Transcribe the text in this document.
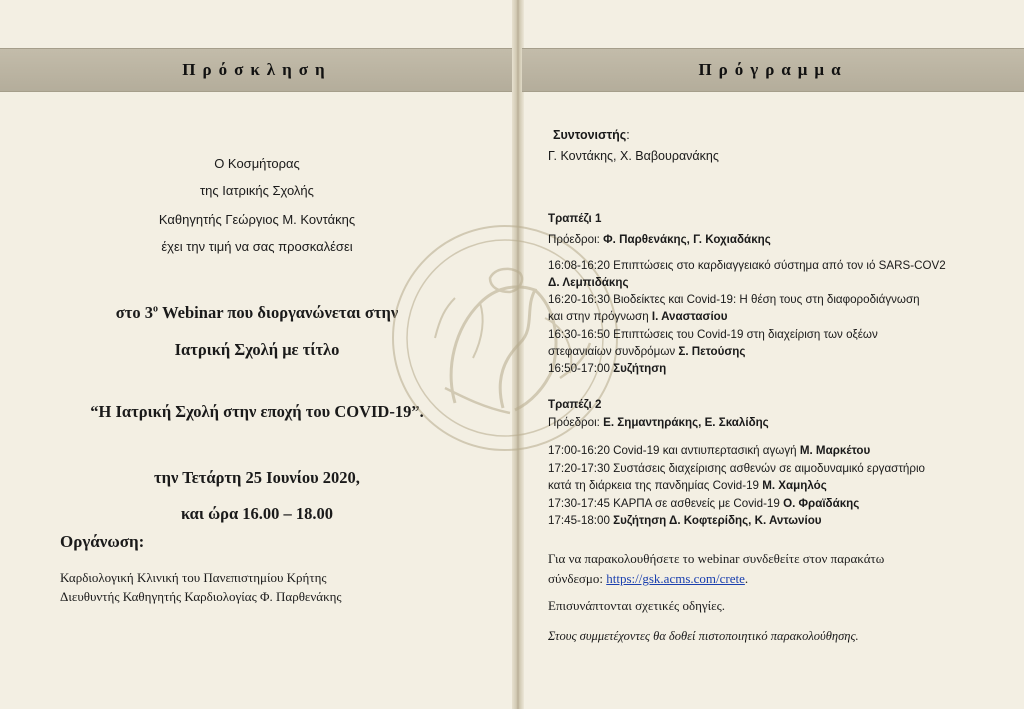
Πρόσκληση
Ο Κοσμήτορας
της Ιατρικής Σχολής
Καθηγητής Γεώργιος Μ. Κοντάκης
έχει την τιμή να σας προσκαλέσει
στο $3^o$ Webinar που διοργανώνεται στην
Ιατρική Σχολή με τίτλο
“Η Ιατρική Σχολή στην εποχή του COVID-19”.
την Τετάρτη 25 Ιουνίου 2020,
και ώρα 16.00 – 18.00
Οργάνωση:
Καρδιολογική Κλινική του Πανεπιστημίου Κρήτης
Διευθυντής Καθηγητής Καρδιολογίας Φ. Παρθενάκης
Πρόγραμμα
Συντονιστής:
Γ. Κοντάκης, Χ. Βαβουρανάκης
Τραπέζι 1
Πρόεδροι: Φ. Παρθενάκης, Γ. Κοχιαδάκης
16:08-16:20 Επιπτώσεις στο καρδιαγγειακό σύστημα από τον ιό SARS-COV2
Δ. Λεμπιδάκης
16:20-16:30 Βιοδείκτες και Covid-19: Η θέση τους στη διαφοροδιάγνωση
και στην πρόγνωση Ι. Αναστασίου
16:30-16:50 Επιπτώσεις του Covid-19 στη διαχείριση των οξέων
στεφανιαίων συνδρόμων Σ. Πετούσης
16:50-17:00 Συζήτηση
Τραπέζι 2
Πρόεδροι: Ε. Σημαντηράκης, Ε. Σκαλίδης
17:00-16:20 Covid-19 και αντιυπερτασική αγωγή Μ. Μαρκέτου
17:20-17:30 Συστάσεις διαχείρισης ασθενών σε αιμοδυναμικό εργαστήριο
κατά τη διάρκεια της πανδημίας Covid-19 Μ. Χαμηλός
17:30-17:45 ΚΑΡΠΑ σε ασθενείς με Covid-19 Ο. Φραϊδάκης
17:45-18:00 Συζήτηση Δ. Κοφτερίδης, Κ. Αντωνίου
Για να παρακολουθήσετε το webinar συνδεθείτε στον παρακάτω
σύνδεσμο: https://gsk.acms.com/crete.
Επισυνάπτονται σχετικές οδηγίες.
Στους συμμετέχοντες θα δοθεί πιστοποιητικό παρακολούθησης.
